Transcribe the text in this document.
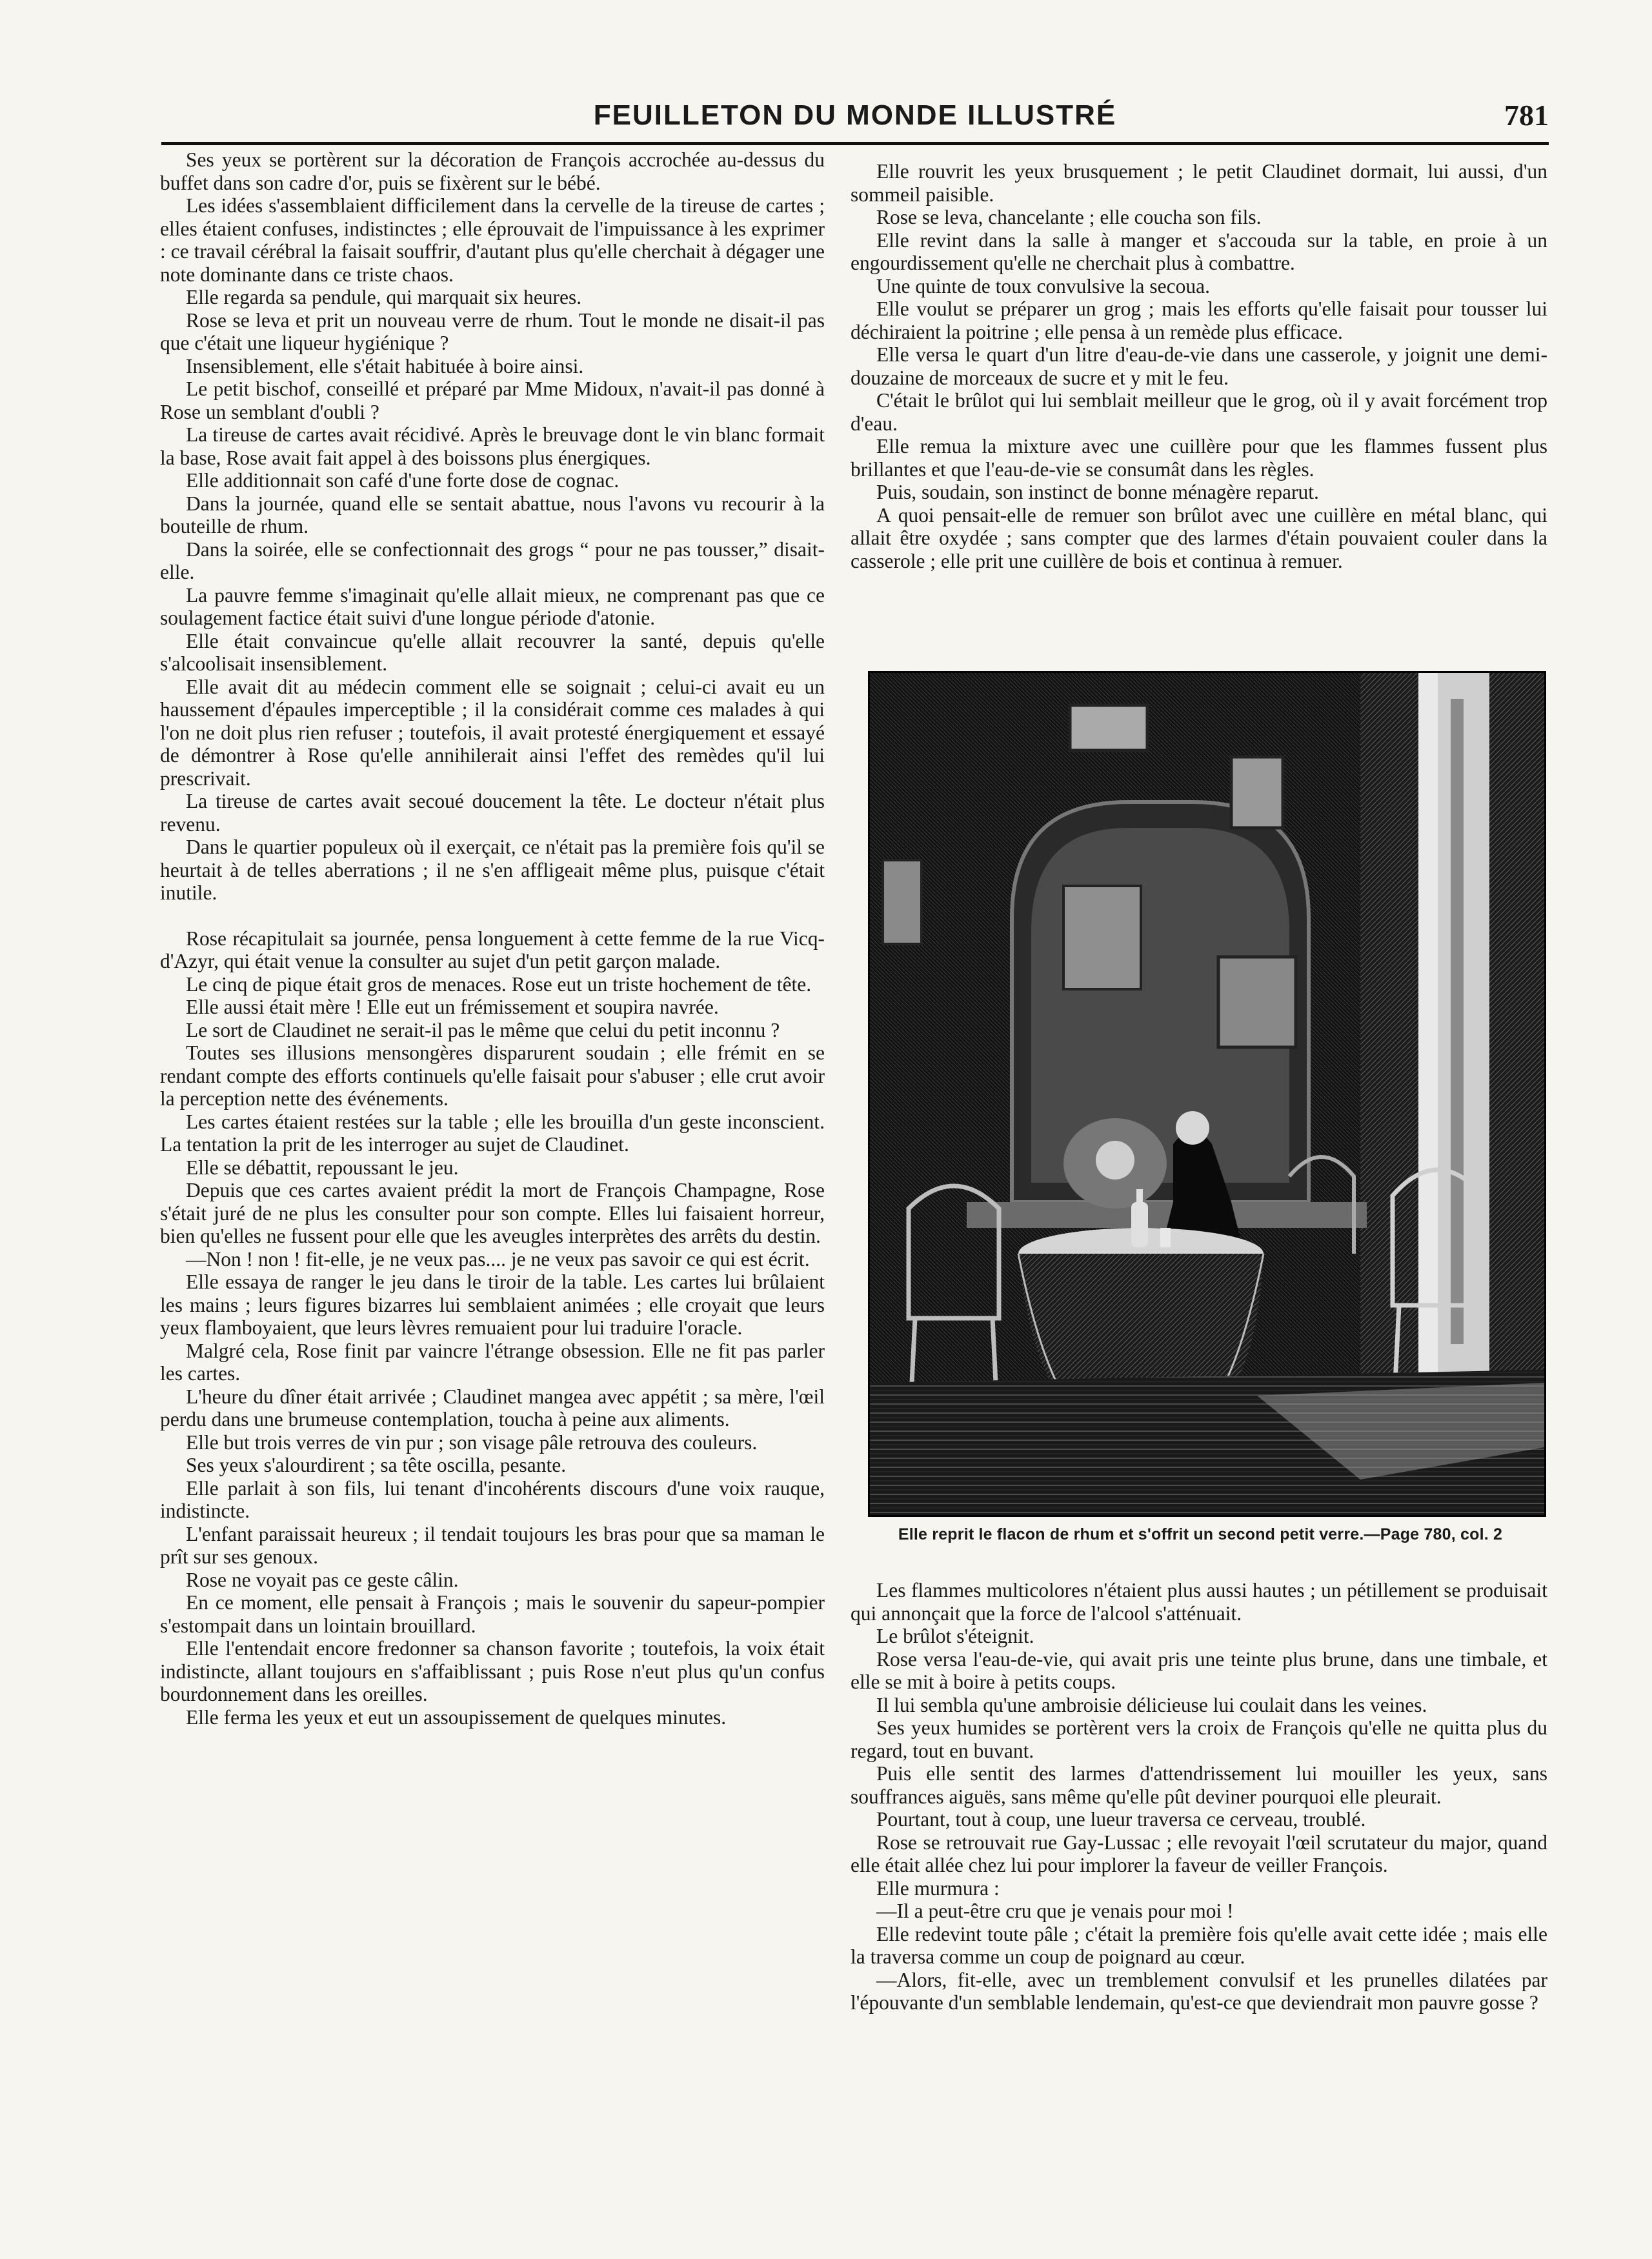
FEUILLETON DU MONDE ILLUSTRÉ	781

Ses yeux se portèrent sur la décoration de François accrochée au-dessus du buffet dans son cadre d'or, puis se fixèrent sur le bébé.

Les idées s'assemblaient difficilement dans la cervelle de la tireuse de cartes ; elles étaient confuses, indistinctes ; elle éprouvait de l'impuissance à les exprimer : ce travail cérébral la faisait souffrir, d'autant plus qu'elle cherchait à dégager une note dominante dans ce triste chaos.

Elle regarda sa pendule, qui marquait six heures.

Rose se leva et prit un nouveau verre de rhum. Tout le monde ne disait-il pas que c'était une liqueur hygiénique ?

Insensiblement, elle s'était habituée à boire ainsi.

Le petit bischof, conseillé et préparé par Mme Midoux, n'avait-il pas donné à Rose un semblant d'oubli ?

La tireuse de cartes avait récidivé. Après le breuvage dont le vin blanc formait la base, Rose avait fait appel à des boissons plus énergiques.

Elle additionnait son café d'une forte dose de cognac.

Dans la journée, quand elle se sentait abattue, nous l'avons vu recourir à la bouteille de rhum.

Dans la soirée, elle se confectionnait des grogs “ pour ne pas tousser,” disait-elle.

La pauvre femme s'imaginait qu'elle allait mieux, ne comprenant pas que ce soulagement factice était suivi d'une longue période d'atonie.

Elle était convaincue qu'elle allait recouvrer la santé, depuis qu'elle s'alcoolisait insensiblement.

Elle avait dit au médecin comment elle se soignait ; celui-ci avait eu un haussement d'épaules imperceptible ; il la considérait comme ces malades à qui l'on ne doit plus rien refuser ; toutefois, il avait protesté énergiquement et essayé de démontrer à Rose qu'elle annihilerait ainsi l'effet des remèdes qu'il lui prescrivait.

La tireuse de cartes avait secoué doucement la tête. Le docteur n'était plus revenu.

Dans le quartier populeux où il exerçait, ce n'était pas la première fois qu'il se heurtait à de telles aberrations ; il ne s'en affligeait même plus, puisque c'était inutile.

Rose récapitulait sa journée, pensa longuement à cette femme de la rue Vicq-d'Azyr, qui était venue la consulter au sujet d'un petit garçon malade.

Le cinq de pique était gros de menaces. Rose eut un triste hochement de tête.

Elle aussi était mère ! Elle eut un frémissement et soupira navrée.

Le sort de Claudinet ne serait-il pas le même que celui du petit inconnu ?

Toutes ses illusions mensongères disparurent soudain ; elle frémit en se rendant compte des efforts continuels qu'elle faisait pour s'abuser ; elle crut avoir la perception nette des événements.

Les cartes étaient restées sur la table ; elle les brouilla d'un geste inconscient. La tentation la prit de les interroger au sujet de Claudinet.

Elle se débattit, repoussant le jeu.

Depuis que ces cartes avaient prédit la mort de François Champagne, Rose s'était juré de ne plus les consulter pour son compte. Elles lui faisaient horreur, bien qu'elles ne fussent pour elle que les aveugles interprètes des arrêts du destin.

—Non ! non ! fit-elle, je ne veux pas.... je ne veux pas savoir ce qui est écrit.

Elle essaya de ranger le jeu dans le tiroir de la table. Les cartes lui brûlaient les mains ; leurs figures bizarres lui semblaient animées ; elle croyait que leurs yeux flamboyaient, que leurs lèvres remuaient pour lui traduire l'oracle.

Malgré cela, Rose finit par vaincre l'étrange obsession. Elle ne fit pas parler les cartes.

L'heure du dîner était arrivée ; Claudinet mangea avec appétit ; sa mère, l'œil perdu dans une brumeuse contemplation, toucha à peine aux aliments.

Elle but trois verres de vin pur ; son visage pâle retrouva des couleurs.

Ses yeux s'alourdirent ; sa tête oscilla, pesante.

Elle parlait à son fils, lui tenant d'incohérents discours d'une voix rauque, indistincte.

L'enfant paraissait heureux ; il tendait toujours les bras pour que sa maman le prît sur ses genoux.

Rose ne voyait pas ce geste câlin.

En ce moment, elle pensait à François ; mais le souvenir du sapeur-pompier s'estompait dans un lointain brouillard.

Elle l'entendait encore fredonner sa chanson favorite ; toutefois, la voix était indistincte, allant toujours en s'affaiblissant ; puis Rose n'eut plus qu'un confus bourdonnement dans les oreilles.

Elle ferma les yeux et eut un assoupissement de quelques minutes.

Elle rouvrit les yeux brusquement ; le petit Claudinet dormait, lui aussi, d'un sommeil paisible.

Rose se leva, chancelante ; elle coucha son fils.

Elle revint dans la salle à manger et s'accouda sur la table, en proie à un engourdissement qu'elle ne cherchait plus à combattre.

Une quinte de toux convulsive la secoua.

Elle voulut se préparer un grog ; mais les efforts qu'elle faisait pour tousser lui déchiraient la poitrine ; elle pensa à un remède plus efficace.

Elle versa le quart d'un litre d'eau-de-vie dans une casserole, y joignit une demi-douzaine de morceaux de sucre et y mit le feu.

C'était le brûlot qui lui semblait meilleur que le grog, où il y avait forcément trop d'eau.

Elle remua la mixture avec une cuillère pour que les flammes fussent plus brillantes et que l'eau-de-vie se consumât dans les règles.

Puis, soudain, son instinct de bonne ménagère reparut.

A quoi pensait-elle de remuer son brûlot avec une cuillère en métal blanc, qui allait être oxydée ; sans compter que des larmes d'étain pouvaient couler dans la casserole ; elle prit une cuillère de bois et continua à remuer.

Elle reprit le flacon de rhum et s'offrit un second petit verre.—Page 780, col. 2

Les flammes multicolores n'étaient plus aussi hautes ; un pétillement se produisait qui annonçait que la force de l'alcool s'atténuait.

Le brûlot s'éteignit.

Rose versa l'eau-de-vie, qui avait pris une teinte plus brune, dans une timbale, et elle se mit à boire à petits coups.

Il lui sembla qu'une ambroisie délicieuse lui coulait dans les veines.

Ses yeux humides se portèrent vers la croix de François qu'elle ne quitta plus du regard, tout en buvant.

Puis elle sentit des larmes d'attendrissement lui mouiller les yeux, sans souffrances aiguës, sans même qu'elle pût deviner pourquoi elle pleurait.

Pourtant, tout à coup, une lueur traversa ce cerveau, troublé.

Rose se retrouvait rue Gay-Lussac ; elle revoyait l'œil scrutateur du major, quand elle était allée chez lui pour implorer la faveur de veiller François.

Elle murmura :

—Il a peut-être cru que je venais pour moi !

Elle redevint toute pâle ; c'était la première fois qu'elle avait cette idée ; mais elle la traversa comme un coup de poignard au cœur.

—Alors, fit-elle, avec un tremblement convulsif et les prunelles dilatées par l'épouvante d'un semblable lendemain, qu'est-ce que deviendrait mon pauvre gosse ?
